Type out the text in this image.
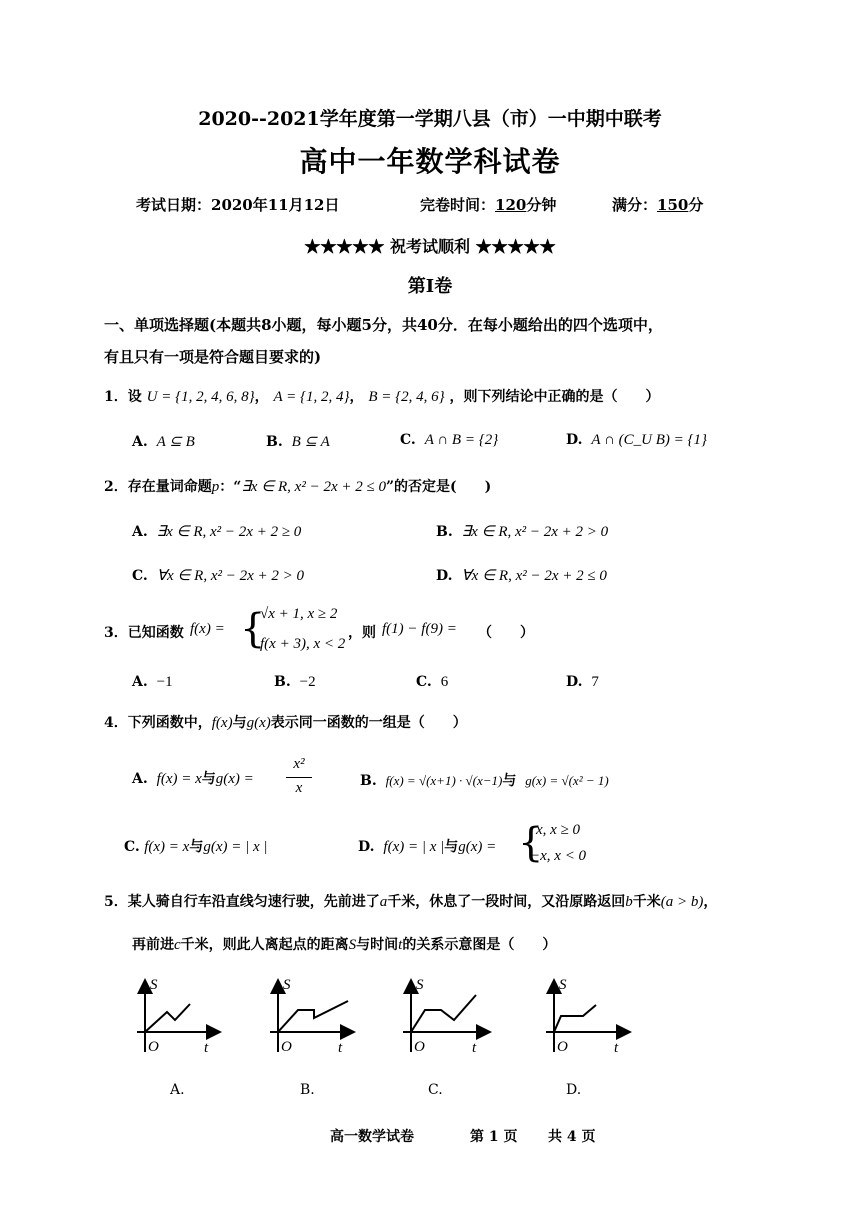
2020--2021学年度第一学期八县（市）一中期中联考
高中一年数学科试卷
考试日期：2020年11月12日	完卷时间：120分钟	满分：150分
★★★★★ 祝考试顺利 ★★★★★
第Ⅰ卷
一、单项选择题(本题共8小题，每小题5分，共40分．在每小题给出的四个选项中，
有且只有一项是符合题目要求的)
1．设 U = {1, 2, 4, 6, 8}， A = {1, 2, 4}， B = {2, 4, 6} ，则下列结论中正确的是（　　）
A. A ⊆ B	B. B ⊆ A	C. A ∩ B = {2}	D. A ∩ (C_U B) = {1}
2．存在量词命题p：“∃x ∈ R, x² − 2x + 2 ≤ 0”的否定是(　　)
A. ∃x ∈ R, x² − 2x + 2 ≥ 0	B. ∃x ∈ R, x² − 2x + 2 > 0
C. ∀x ∈ R, x² − 2x + 2 > 0	D. ∀x ∈ R, x² − 2x + 2 ≤ 0
3．已知函数 f(x) = {
√x + 1, x ≥ 2
f(x + 3), x < 2
，则 f(1) − f(9) = （　　）
A. −1	B. −2	C. 6	D. 7
4．下列函数中，f(x)与g(x)表示同一函数的一组是（　　）
A. f(x) = x与g(x) =
x²
x	B. f(x) = √(x+1) · √(x−1)与 g(x) = √(x² − 1)
C. f(x) = x与g(x) = | x |	D. f(x) = | x |与g(x) = {
x, x ≥ 0
−x, x < 0
5．某人骑自行车沿直线匀速行驶，先前进了a千米，休息了一段时间，又沿原路返回b千米(a > b)，
再前进c千米，则此人离起点的距离S与时间t的关系示意图是（　　）
S
O	t
S
O	t
S
O	t
S
O	t
A.	B.	C.	D.
高一数学试卷	第 1 页 共 4 页
